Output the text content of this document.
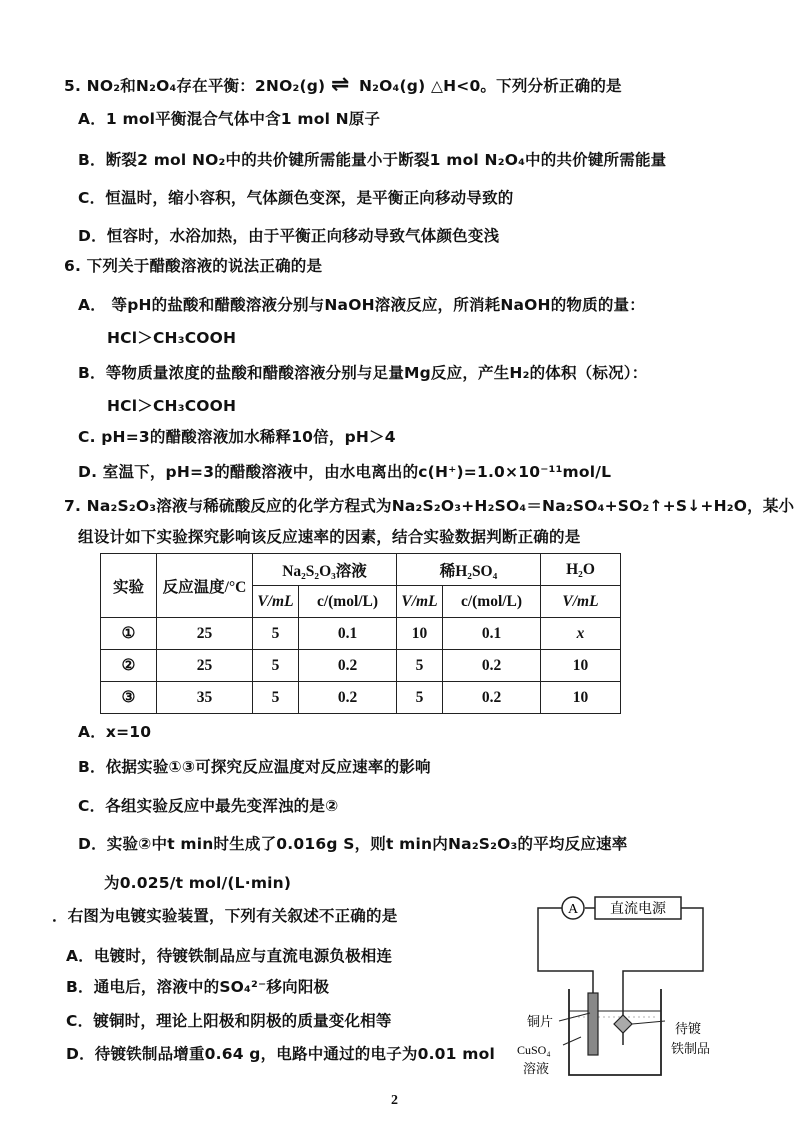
5. NO₂和N₂O₄存在平衡：2NO₂(g) ⇌ N₂O₄(g) △H<0。下列分析正确的是
A．1 mol平衡混合气体中含1 mol N原子
B．断裂2 mol NO₂中的共价键所需能量小于断裂1 mol N₂O₄中的共价键所需能量
C．恒温时，缩小容积，气体颜色变深，是平衡正向移动导致的
D．恒容时，水浴加热，由于平衡正向移动导致气体颜色变浅
6. 下列关于醋酸溶液的说法正确的是
A． 等pH的盐酸和醋酸溶液分别与NaOH溶液反应，所消耗NaOH的物质的量：
HCl＞CH₃COOH
B．等物质量浓度的盐酸和醋酸溶液分别与足量Mg反应，产生H₂的体积（标况）：
HCl＞CH₃COOH
C. pH=3的醋酸溶液加水稀释10倍，pH＞4
D. 室温下，pH=3的醋酸溶液中，由水电离出的c(H⁺)=1.0×10⁻¹¹mol/L
7. Na₂S₂O₃溶液与稀硫酸反应的化学方程式为Na₂S₂O₃+H₂SO₄＝Na₂SO₄+SO₂↑+S↓+H₂O，某小
组设计如下实验探究影响该反应速率的因素，结合实验数据判断正确的是
实验	反应温度/°C	Na₂S₂O₃溶液		稀H₂SO₄		H₂O
		V/mL	c/(mol/L)	V/mL	c/(mol/L)	V/mL
①	25	5	0.1	10	0.1	x
②	25	5	0.2	5	0.2	10
③	35	5	0.2	5	0.2	10
A．x=10
B．依据实验①③可探究反应温度对反应速率的影响
C．各组实验反应中最先变浑浊的是②
D．实验②中t min时生成了0.016g S，则t min内Na₂S₂O₃的平均反应速率
为0.025/t mol/(L·min)
．右图为电镀实验装置，下列有关叙述不正确的是
A．电镀时，待镀铁制品应与直流电源负极相连
B．通电后，溶液中的SO₄²⁻移向阳极
C．镀铜时，理论上阳极和阴极的质量变化相等
D．待镀铁制品增重0.64 g，电路中通过的电子为0.01 mol
A 直流电源
铜片
CuSO₄
溶液
待镀
铁制品
2
